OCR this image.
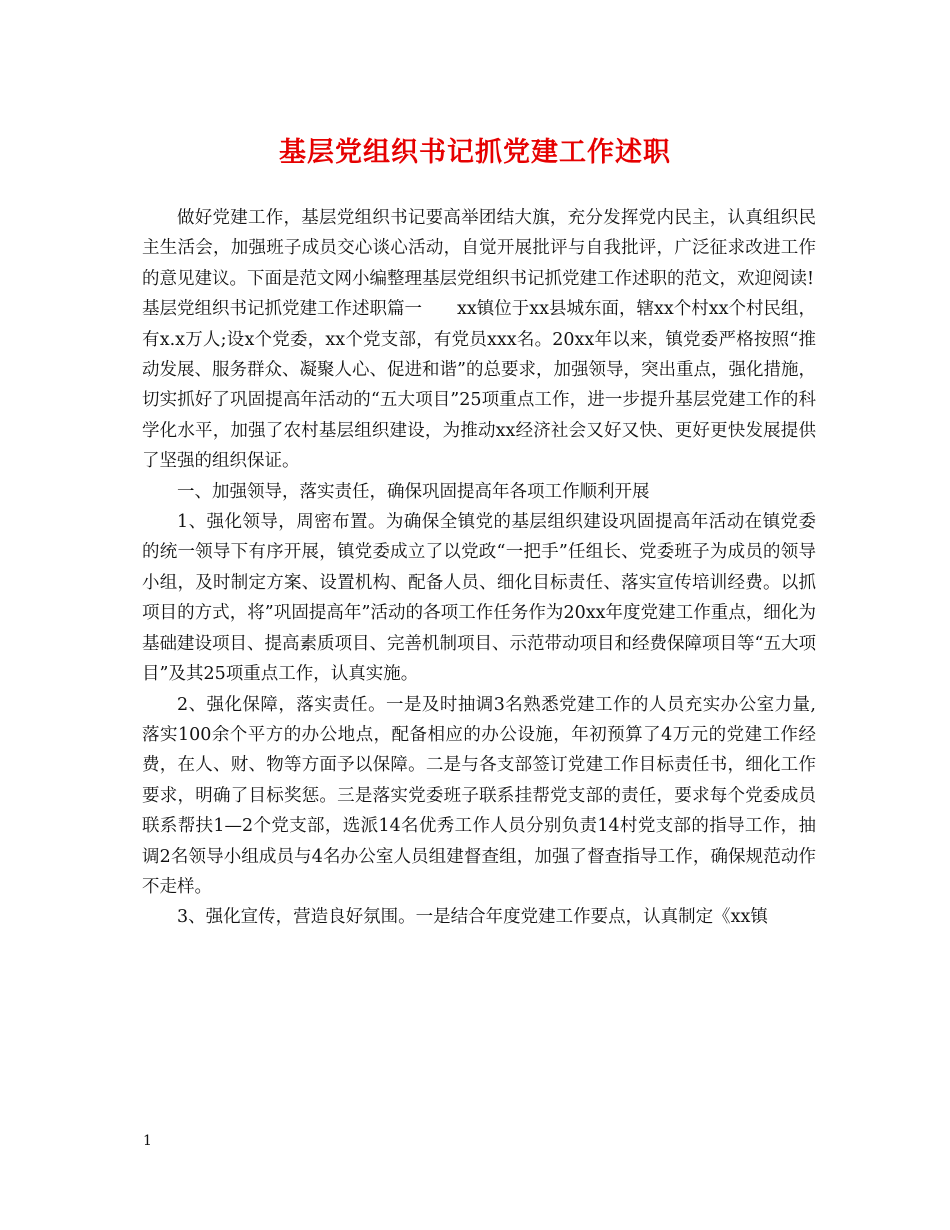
基层党组织书记抓党建工作述职

做好党建工作，基层党组织书记要高举团结大旗，充分发挥党内民主，认真组织民主生活会，加强班子成员交心谈心活动，自觉开展批评与自我批评，广泛征求改进工作的意见建议。下面是范文网小编整理基层党组织书记抓党建工作述职的范文，欢迎阅读!

基层党组织书记抓党建工作述职篇一　　xx镇位于xx县城东面，辖xx个村xx个村民组，有x.x万人;设x个党委，xx个党支部，有党员xxx名。20xx年以来，镇党委严格按照“推动发展、服务群众、凝聚人心、促进和谐”的总要求，加强领导，突出重点，强化措施，切实抓好了巩固提高年活动的“五大项目”25项重点工作，进一步提升基层党建工作的科学化水平，加强了农村基层组织建设，为推动xx经济社会又好又快、更好更快发展提供了坚强的组织保证。

一、加强领导，落实责任，确保巩固提高年各项工作顺利开展

1、强化领导，周密布置。为确保全镇党的基层组织建设巩固提高年活动在镇党委的统一领导下有序开展，镇党委成立了以党政“一把手”任组长、党委班子为成员的领导小组，及时制定方案、设置机构、配备人员、细化目标责任、落实宣传培训经费。以抓项目的方式，将”巩固提高年”活动的各项工作任务作为20xx年度党建工作重点，细化为基础建设项目、提高素质项目、完善机制项目、示范带动项目和经费保障项目等“五大项目”及其25项重点工作，认真实施。

2、强化保障，落实责任。一是及时抽调3名熟悉党建工作的人员充实办公室力量,落实100余个平方的办公地点，配备相应的办公设施，年初预算了4万元的党建工作经费，在人、财、物等方面予以保障。二是与各支部签订党建工作目标责任书，细化工作要求，明确了目标奖惩。三是落实党委班子联系挂帮党支部的责任，要求每个党委成员联系帮扶1—2个党支部，选派14名优秀工作人员分别负责14村党支部的指导工作，抽调2名领导小组成员与4名办公室人员组建督查组，加强了督查指导工作，确保规范动作不走样。

3、强化宣传，营造良好氛围。一是结合年度党建工作要点，认真制定《xx镇

1
